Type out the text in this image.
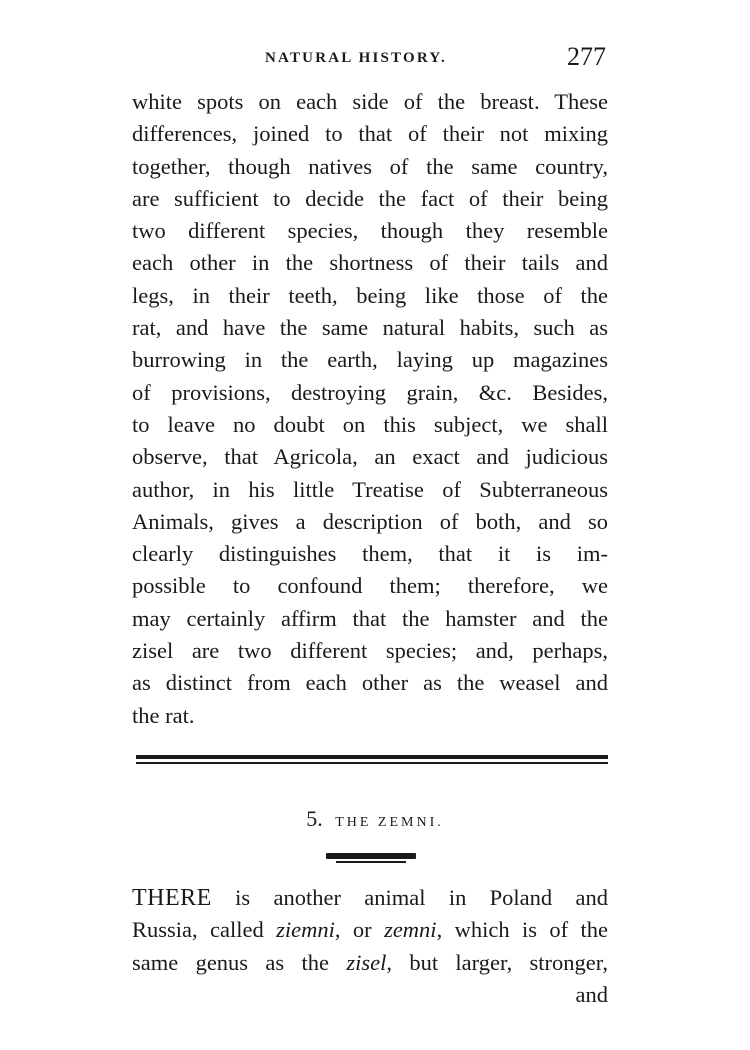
NATURAL HISTORY.	277
white spots on each side of the breast. These
differences, joined to that of their not mixing
together, though natives of the same country,
are sufficient to decide the fact of their being
two different species, though they resemble
each other in the shortness of their tails and
legs, in their teeth, being like those of the
rat, and have the same natural habits, such as
burrowing in the earth, laying up magazines
of provisions, destroying grain, &c. Besides,
to leave no doubt on this subject, we shall
observe, that Agricola, an exact and judicious
author, in his little Treatise of Subterraneous
Animals, gives a description of both, and so
clearly distinguishes them, that it is im-
possible to confound them; therefore, we
may certainly affirm that the hamster and the
zisel are two different species; and, perhaps,
as distinct from each other as the weasel and
the rat.
5. THE ZEMNI.
THERE is another animal in Poland and
Russia, called ziemni, or zemni, which is of the
same genus as the zisel, but larger, stronger,
and
